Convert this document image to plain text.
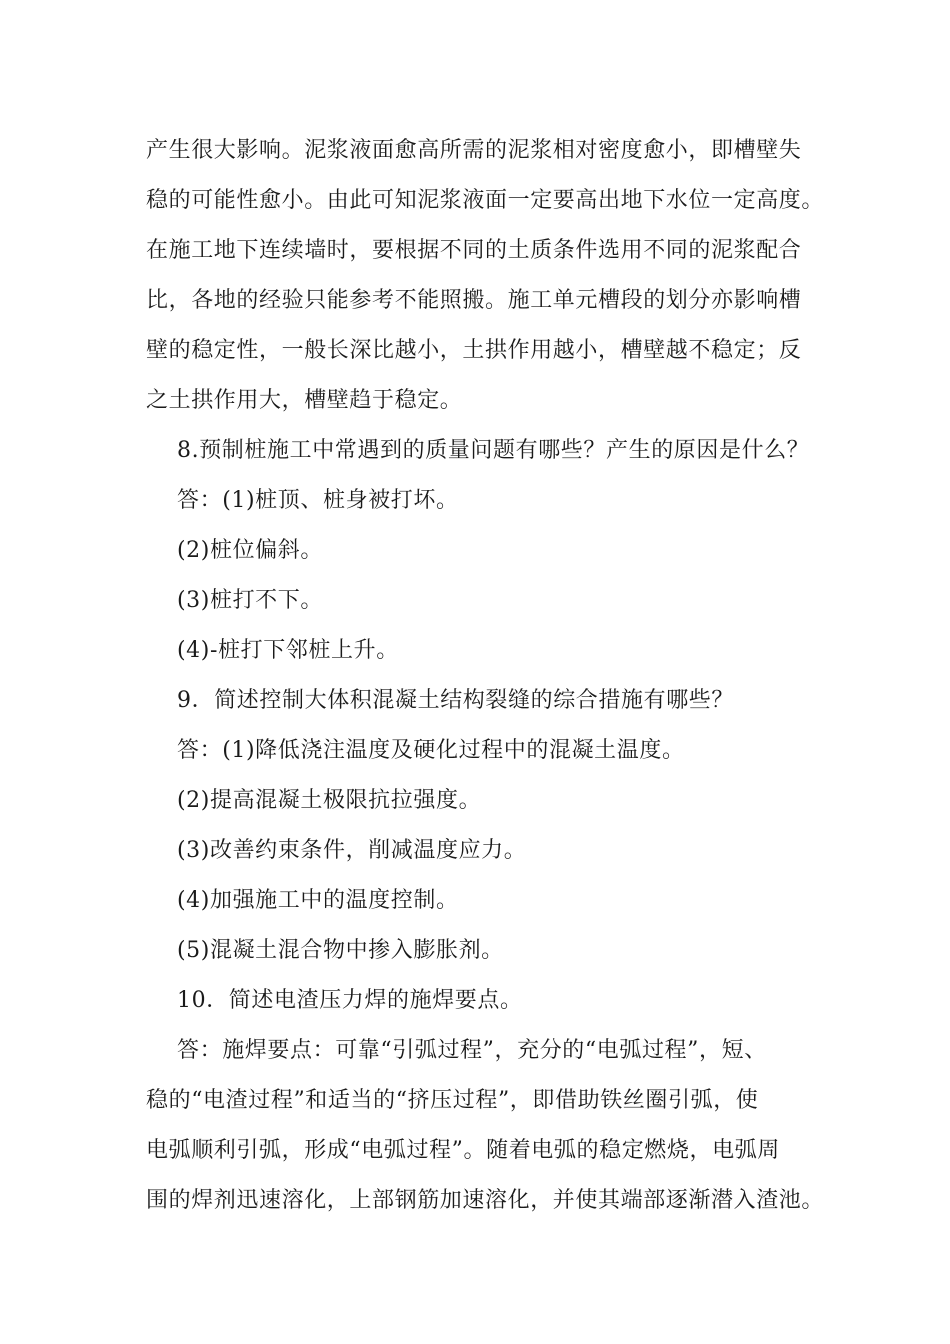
产生很大影响。泥浆液面愈高所需的泥浆相对密度愈小，即槽壁失
稳的可能性愈小。由此可知泥浆液面一定要高出地下水位一定高度。
在施工地下连续墙时，要根据不同的土质条件选用不同的泥浆配合
比，各地的经验只能参考不能照搬。施工单元槽段的划分亦影响槽
壁的稳定性，一般长深比越小，土拱作用越小，槽壁越不稳定；反
之土拱作用大，槽壁趋于稳定。
8.预制桩施工中常遇到的质量问题有哪些？产生的原因是什么？
答：(1)桩顶、桩身被打坏。
(2)桩位偏斜。
(3)桩打不下。
(4)-桩打下邻桩上升。
9．简述控制大体积混凝土结构裂缝的综合措施有哪些？
答：(1)降低浇注温度及硬化过程中的混凝土温度。
(2)提高混凝土极限抗拉强度。
(3)改善约束条件，削减温度应力。
(4)加强施工中的温度控制。
(5)混凝土混合物中掺入膨胀剂。
10．简述电渣压力焊的施焊要点。
答：施焊要点：可靠“引弧过程”，充分的“电弧过程”，短、
稳的“电渣过程”和适当的“挤压过程”，即借助铁丝圈引弧，使
电弧顺利引弧，形成“电弧过程”。随着电弧的稳定燃烧，电弧周
围的焊剂迅速溶化，上部钢筋加速溶化，并使其端部逐渐潜入渣池。
